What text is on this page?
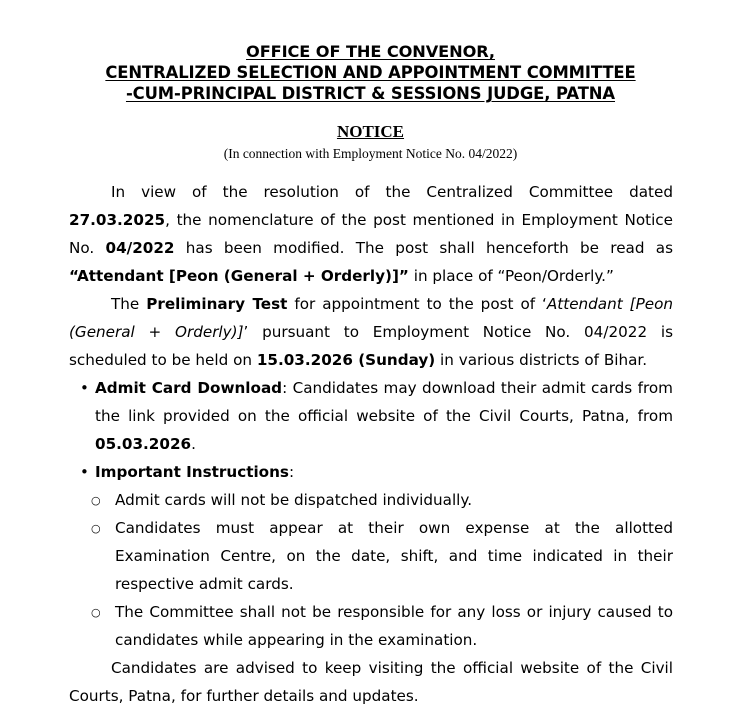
OFFICE OF THE CONVENOR,
CENTRALIZED SELECTION AND APPOINTMENT COMMITTEE
-CUM-PRINCIPAL DISTRICT & SESSIONS JUDGE, PATNA
NOTICE
(In connection with Employment Notice No. 04/2022)

In view of the resolution of the Centralized Committee dated 27.03.2025, the nomenclature of the post mentioned in Employment Notice No. 04/2022 has been modified. The post shall henceforth be read as “Attendant [Peon (General + Orderly)]” in place of “Peon/Orderly.”

The Preliminary Test for appointment to the post of ‘Attendant [Peon (General + Orderly)]’ pursuant to Employment Notice No. 04/2022 is scheduled to be held on 15.03.2026 (Sunday) in various districts of Bihar.

• Admit Card Download: Candidates may download their admit cards from the link provided on the official website of the Civil Courts, Patna, from 05.03.2026.
• Important Instructions:
○ Admit cards will not be dispatched individually.
○ Candidates must appear at their own expense at the allotted Examination Centre, on the date, shift, and time indicated in their respective admit cards.
○ The Committee shall not be responsible for any loss or injury caused to candidates while appearing in the examination.

Candidates are advised to keep visiting the official website of the Civil Courts, Patna, for further details and updates.
